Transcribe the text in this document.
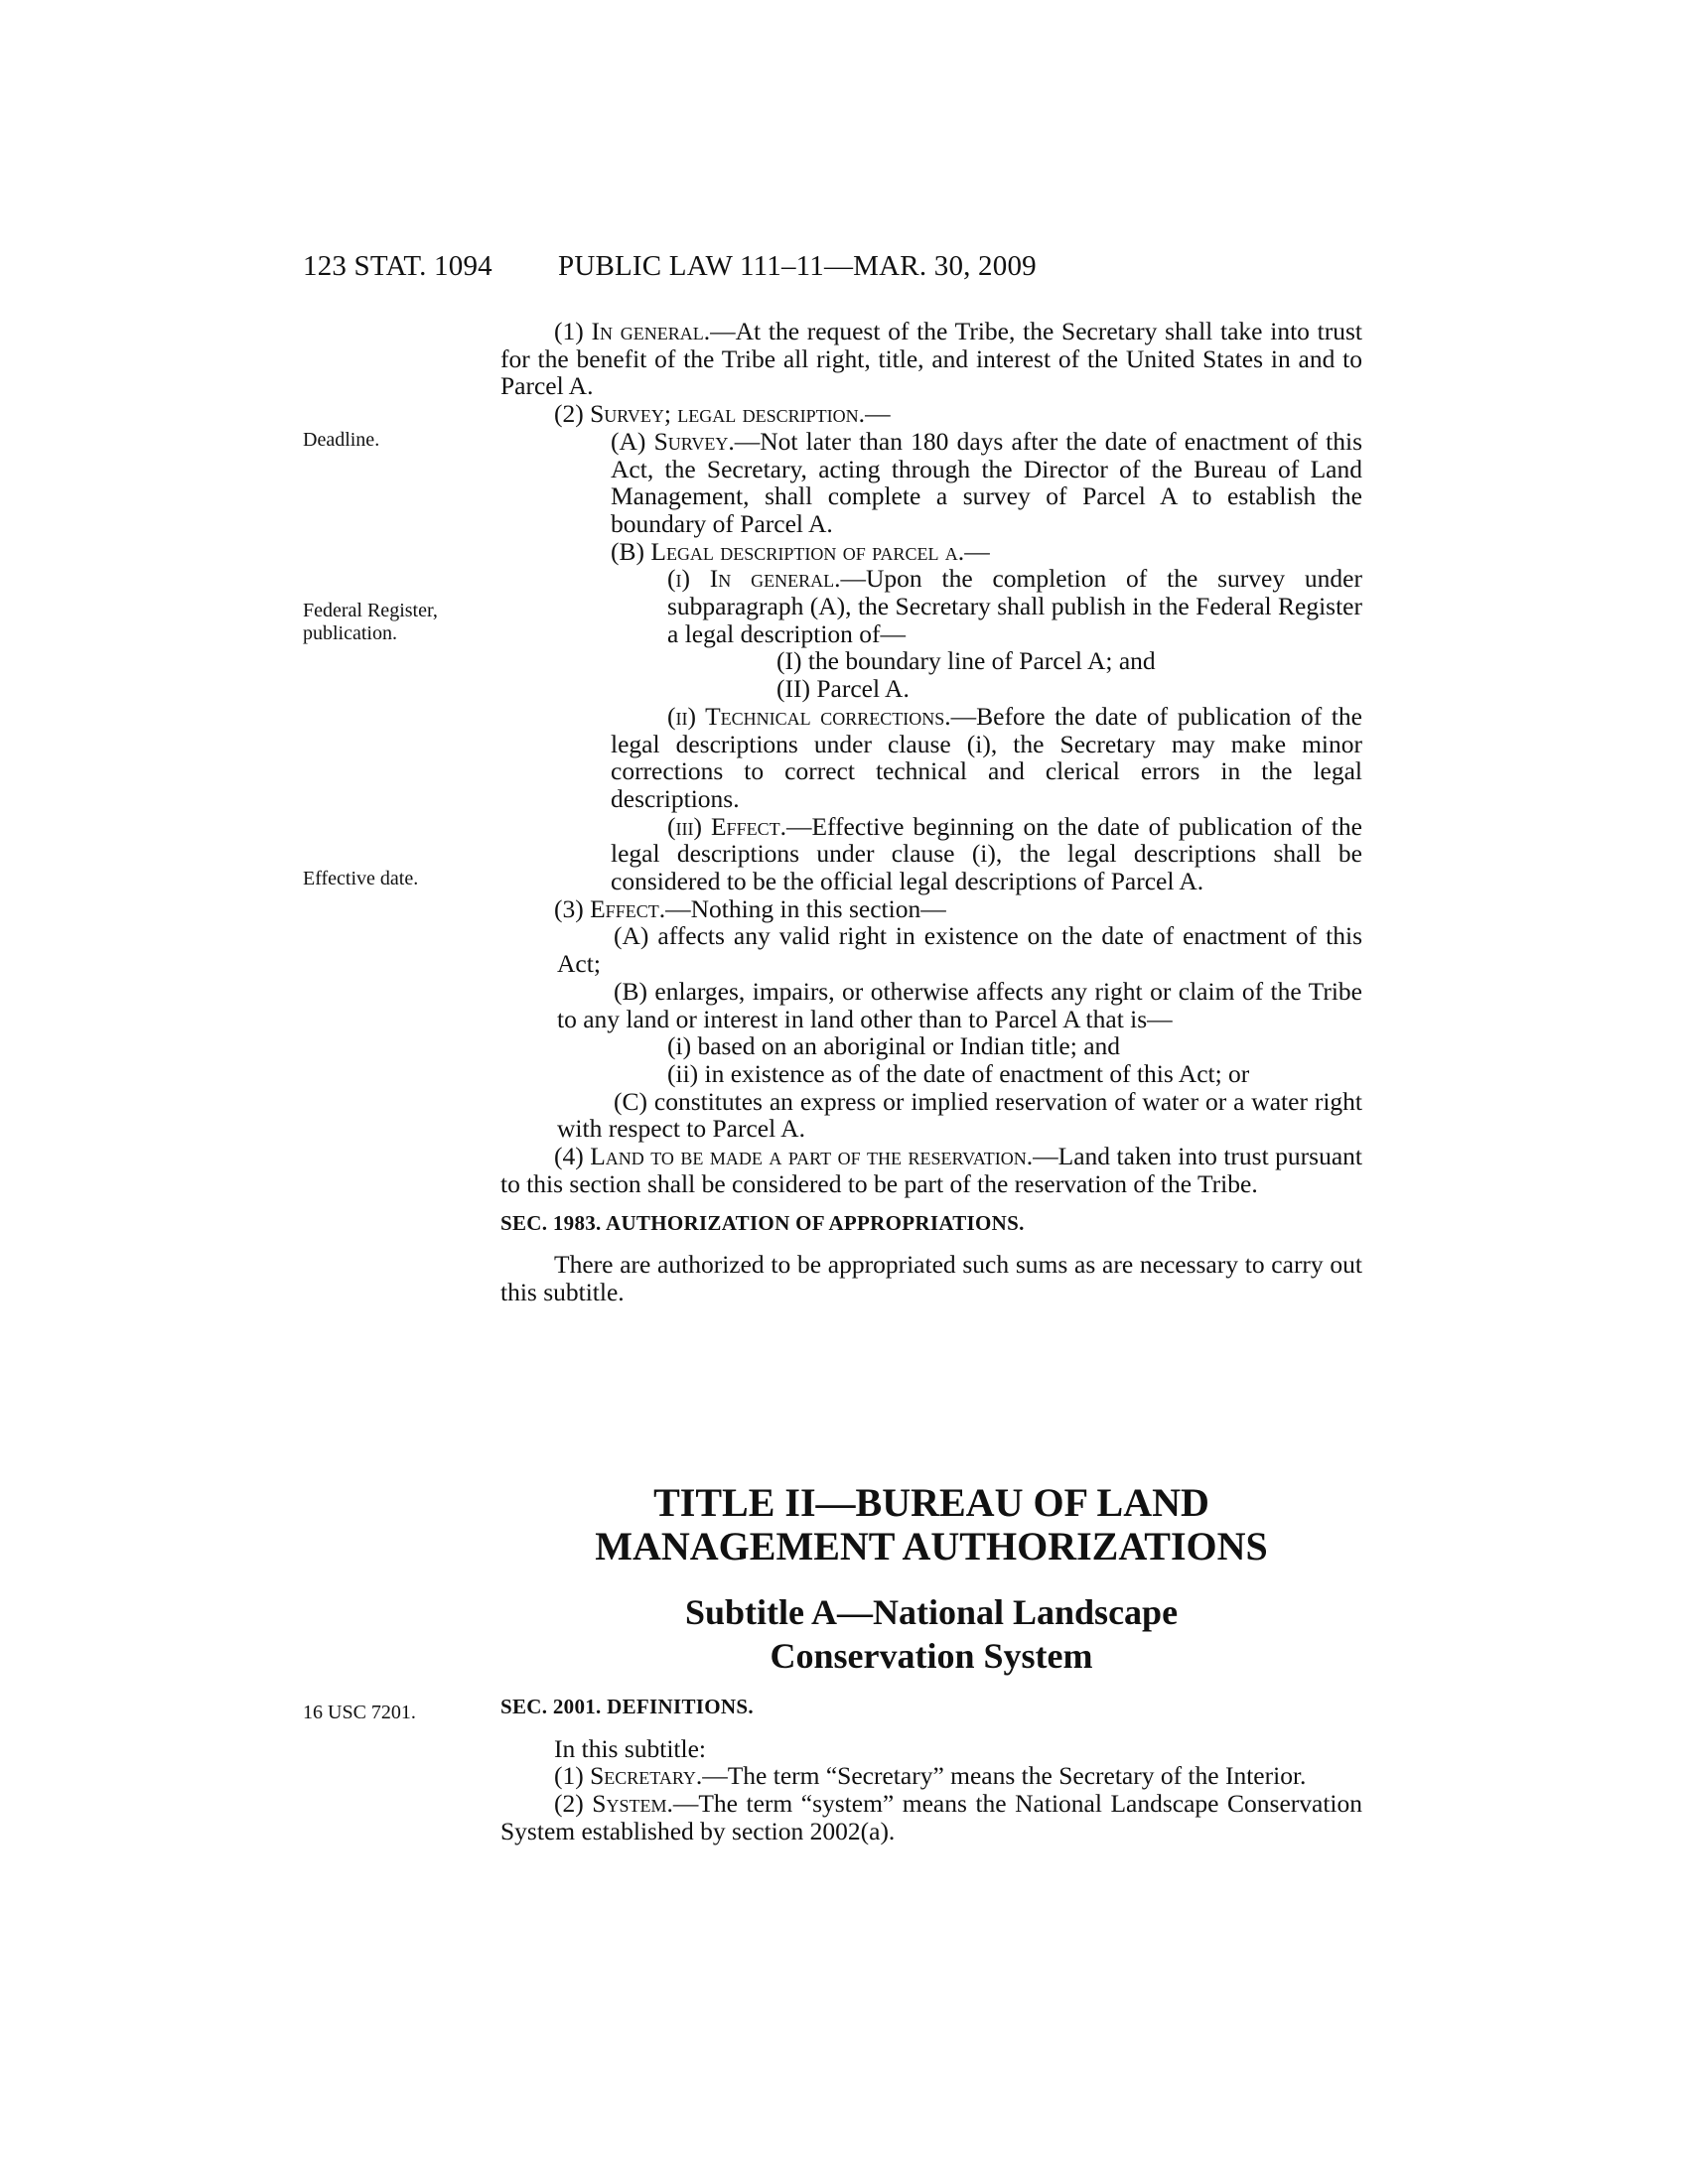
123 STAT. 1094 PUBLIC LAW 111–11—MAR. 30, 2009
Deadline.
Federal Register,
publication.
Effective date.
16 USC 7201.

(1) In general.—At the request of the Tribe, the Secretary shall take into trust for the benefit of the Tribe all right, title, and interest of the United States in and to Parcel A.

(2) Survey; legal description.—

(A) Survey.—Not later than 180 days after the date of enactment of this Act, the Secretary, acting through the Director of the Bureau of Land Management, shall complete a survey of Parcel A to establish the boundary of Parcel A.

(B) Legal description of parcel a.—

(i) In general.—Upon the completion of the survey under subparagraph (A), the Secretary shall publish in the Federal Register a legal description of—

(I) the boundary line of Parcel A; and

(II) Parcel A.

(ii) Technical corrections.—Before the date of publication of the legal descriptions under clause (i), the Secretary may make minor corrections to correct technical and clerical errors in the legal descriptions.

(iii) Effect.—Effective beginning on the date of publication of the legal descriptions under clause (i), the legal descriptions shall be considered to be the official legal descriptions of Parcel A.

(3) Effect.—Nothing in this section—

(A) affects any valid right in existence on the date of enactment of this Act;

(B) enlarges, impairs, or otherwise affects any right or claim of the Tribe to any land or interest in land other than to Parcel A that is—

(i) based on an aboriginal or Indian title; and

(ii) in existence as of the date of enactment of this Act; or

(C) constitutes an express or implied reservation of water or a water right with respect to Parcel A.

(4) Land to be made a part of the reservation.—Land taken into trust pursuant to this section shall be considered to be part of the reservation of the Tribe.

SEC. 1983. AUTHORIZATION OF APPROPRIATIONS.

There are authorized to be appropriated such sums as are necessary to carry out this subtitle.

TITLE II—BUREAU OF LAND
MANAGEMENT AUTHORIZATIONS
Subtitle A—National Landscape
Conservation System
SEC. 2001. DEFINITIONS.

In this subtitle:

(1) Secretary.—The term “Secretary” means the Secretary of the Interior.

(2) System.—The term “system” means the National Landscape Conservation System established by section 2002(a).
